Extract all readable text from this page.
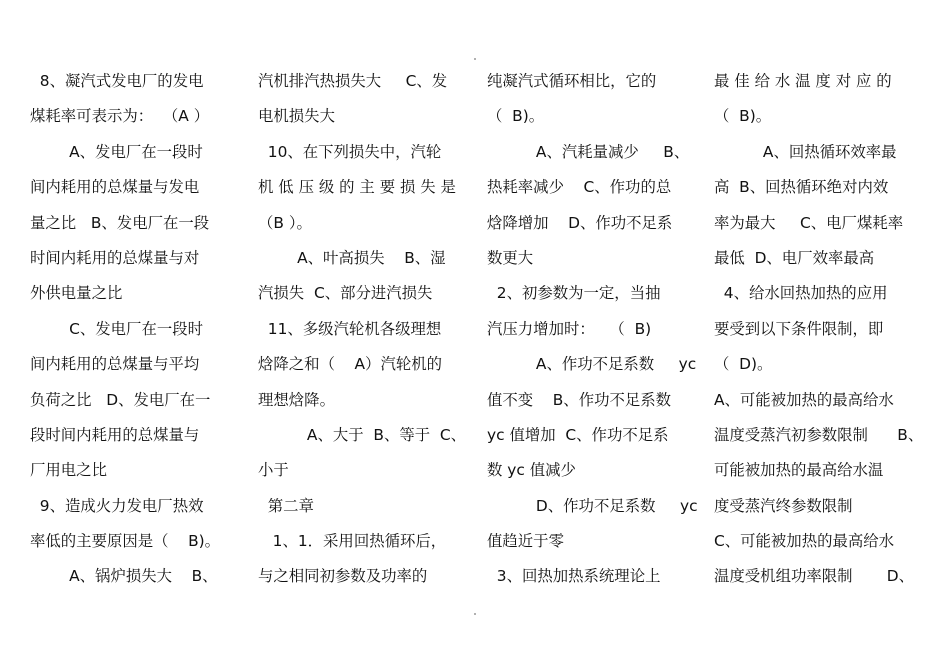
8、凝汽式发电厂的发电
煤耗率可表示为：  （A ）
A、发电厂在一段时
间内耗用的总煤量与发电
量之比   B、发电厂在一段
时间内耗用的总煤量与对
外供电量之比
C、发电厂在一段时
间内耗用的总煤量与平均
负荷之比   D、发电厂在一
段时间内耗用的总煤量与
厂用电之比
9、造成火力发电厂热效
率低的主要原因是（    B)。
A、锅炉损失大    B、
汽机排汽热损失大     C、发
电机损失大
10、在下列损失中，汽轮
机 低 压 级 的 主 要 损 失 是
（B ）。
A、叶高损失    B、湿
汽损失  C、部分进汽损失
11、多级汽轮机各级理想
焓降之和（    A）汽轮机的
理想焓降。
A、大于  B、等于  C、
小于
第二章
1、1．采用回热循环后，
与之相同初参数及功率的
纯凝汽式循环相比，它的
（  B)。
A、汽耗量减少     B、
热耗率减少    C、作功的总
焓降增加    D、作功不足系
数更大
2、初参数为一定，当抽
汽压力增加时：   （  B)
A、作功不足系数     yc
值不变    B、作功不足系数
yc 值增加  C、作功不足系
数 yc 值减少
D、作功不足系数     yc
值趋近于零
3、回热加热系统理论上
最 佳 给 水 温 度 对 应 的
（  B)。
A、回热循环效率最
高  B、回热循环绝对内效
率为最大     C、电厂煤耗率
最低  D、电厂效率最高
4、给水回热加热的应用
要受到以下条件限制，即
（  D)。
A、可能被加热的最高给水
温度受蒸汽初参数限制      B、
可能被加热的最高给水温
度受蒸汽终参数限制
C、可能被加热的最高给水
温度受机组功率限制       D、
